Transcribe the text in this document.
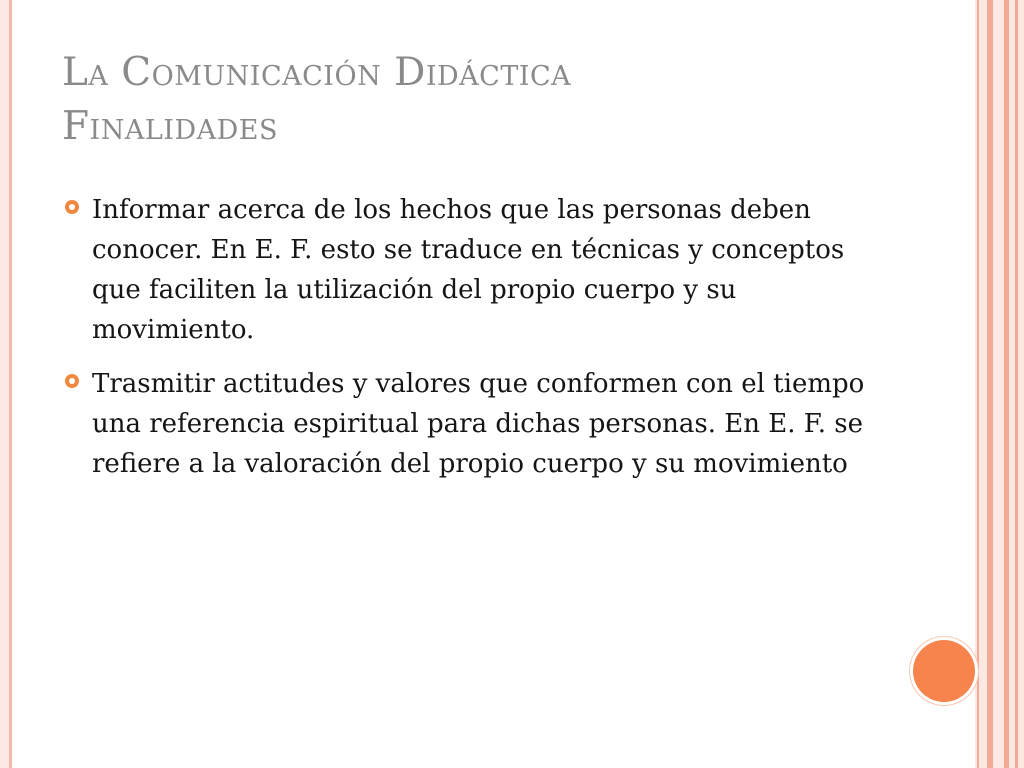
La Comunicación Didáctica
Finalidades
Informar acerca de los hechos que las personas deben conocer. En E. F. esto se traduce en técnicas y conceptos que faciliten la utilización del propio cuerpo y su movimiento.
Trasmitir actitudes y valores que conformen con el tiempo una referencia espiritual para dichas personas. En E. F. se refiere a la valoración del propio cuerpo y su movimiento
